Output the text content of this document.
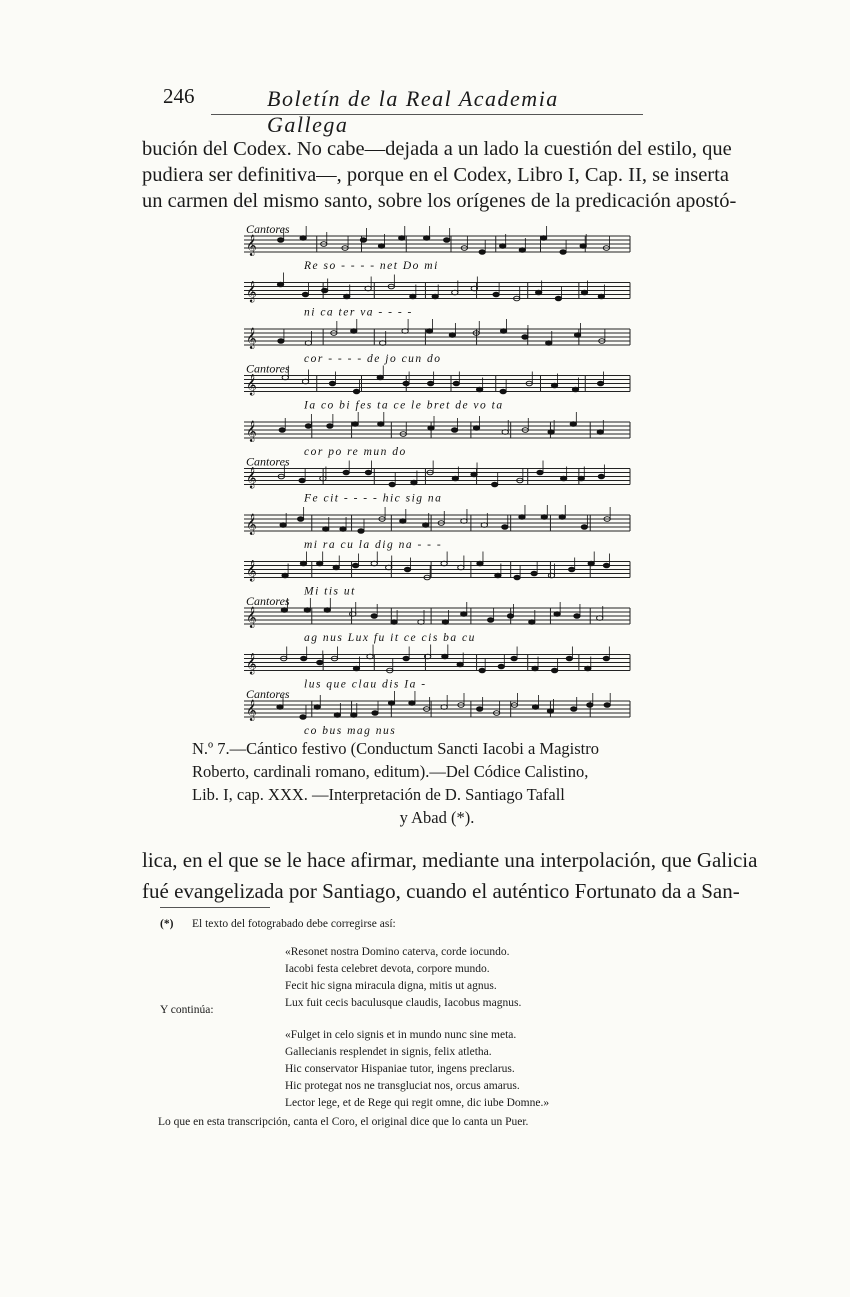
246	Boletín de la Real Academia Gallega
bución del Codex. No cabe—dejada a un lado la cuestión del estilo, que
pudiera ser definitiva—, porque en el Codex, Libro I, Cap. II, se inserta
un carmen del mismo santo, sobre los orígenes de la predicación apostó-
𝄞
Cantores
Re so - - - - net Do mi
𝄞
ni ca ter va - - - -
𝄞
cor - - - - de jo cun do
𝄞
Cantores
Ia co bi fes ta ce le bret de vo ta
𝄞
cor po re mun do
𝄞
Cantores
Fe cit - - - - hic sig na
𝄞
mi ra cu la dig na - - -
𝄞
Mi tis ut
𝄞
Cantores
ag nus Lux fu it ce cis ba cu
𝄞
lus que clau dis Ia -
𝄞
Cantores
co bus mag nus
N.º 7.—Cántico festivo (Conductum Sancti Iacobi a Magistro
Roberto, cardinali romano, editum).—Del Códice Calistino,
Lib. I, cap. XXX. —Interpretación de D. Santiago Tafall
y Abad (*).
lica, en el que se le hace afirmar, mediante una interpolación, que Galicia
fué evangelizada por Santiago, cuando el auténtico Fortunato da a San-
(*) El texto del fotograbado debe corregirse así:
«Resonet nostra Domino caterva, corde iocundo.
Iacobi festa celebret devota, corpore mundo.
Fecit hic signa miracula digna, mitis ut agnus.
Lux fuit cecis baculusque claudis, Iacobus magnus.
Y continúa:
«Fulget in celo signis et in mundo nunc sine meta.
Gallecianis resplendet in signis, felix atletha.
Hic conservator Hispaniae tutor, ingens preclarus.
Hic protegat nos ne transgluciat nos, orcus amarus.
Lector lege, et de Rege qui regit omne, dic iube Domne.»
Lo que en esta transcripción, canta el Coro, el original dice que lo canta un Puer.
